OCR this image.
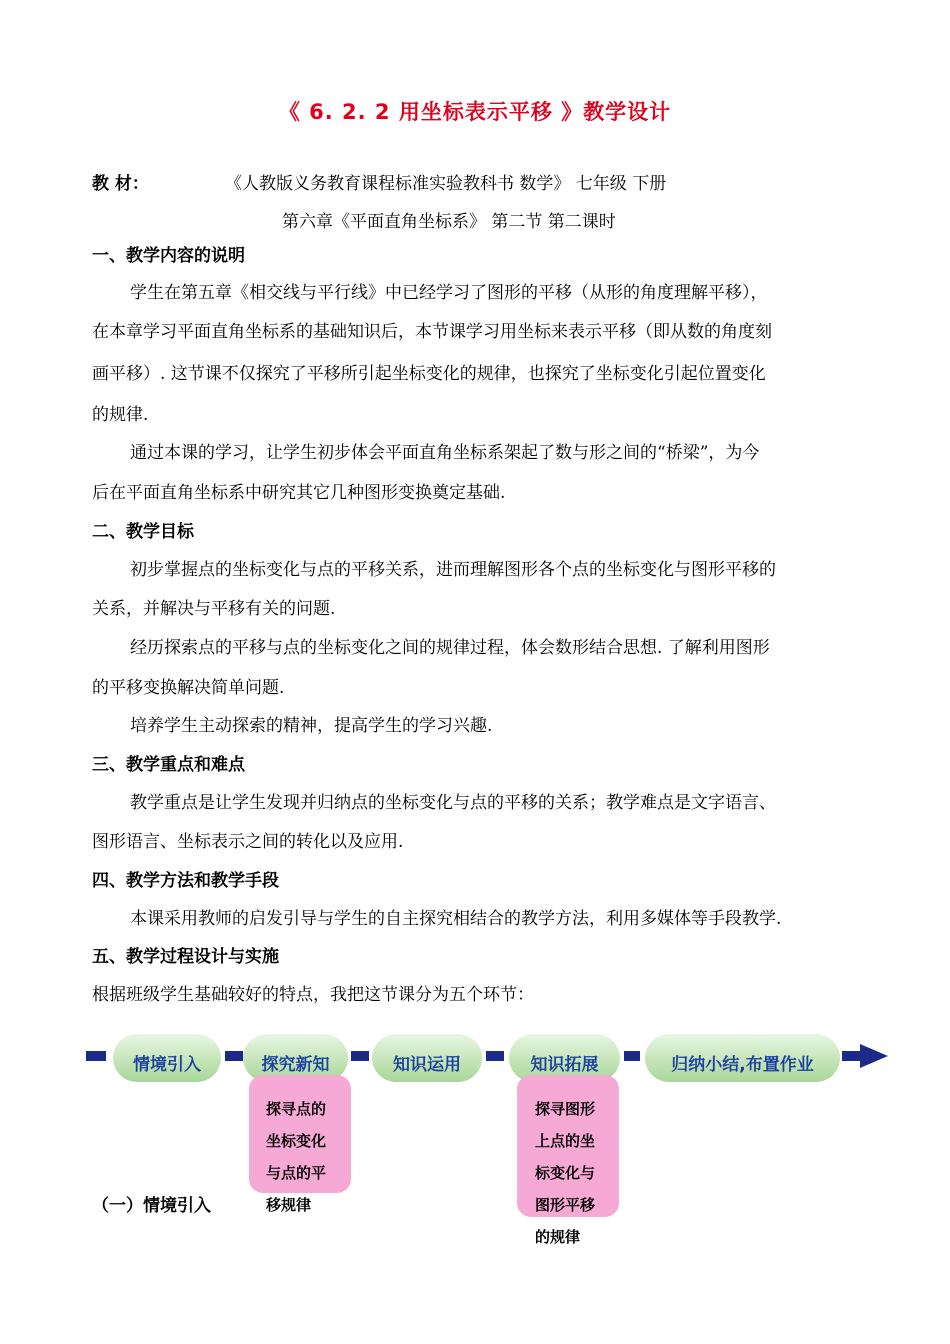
《 6. 2. 2 用坐标表示平移 》教学设计
教 材：	《人教版义务教育课程标准实验教科书 数学》 七年级 下册
第六章《平面直角坐标系》 第二节 第二课时
一、教学内容的说明
学生在第五章《相交线与平行线》中已经学习了图形的平移（从形的角度理解平移），
在本章学习平面直角坐标系的基础知识后，本节课学习用坐标来表示平移（即从数的角度刻
画平移）. 这节课不仅探究了平移所引起坐标变化的规律，也探究了坐标变化引起位置变化
的规律.
通过本课的学习，让学生初步体会平面直角坐标系架起了数与形之间的“桥梁”，为今
后在平面直角坐标系中研究其它几种图形变换奠定基础.
二、教学目标
初步掌握点的坐标变化与点的平移关系，进而理解图形各个点的坐标变化与图形平移的
关系，并解决与平移有关的问题.
经历探索点的平移与点的坐标变化之间的规律过程，体会数形结合思想. 了解利用图形
的平移变换解决简单问题.
培养学生主动探索的精神，提高学生的学习兴趣.
三、教学重点和难点
教学重点是让学生发现并归纳点的坐标变化与点的平移的关系；教学难点是文字语言、
图形语言、坐标表示之间的转化以及应用.
四、教学方法和教学手段
本课采用教师的启发引导与学生的自主探究相结合的教学方法，利用多媒体等手段教学.
五、教学过程设计与实施
根据班级学生基础较好的特点，我把这节课分为五个环节：
情境引入	探究新知	知识运用	知识拓展	归纳小结,布置作业
探寻点的
坐标变化
与点的平
移规律
探寻图形
上点的坐
标变化与
图形平移
的规律
（一）情境引入
